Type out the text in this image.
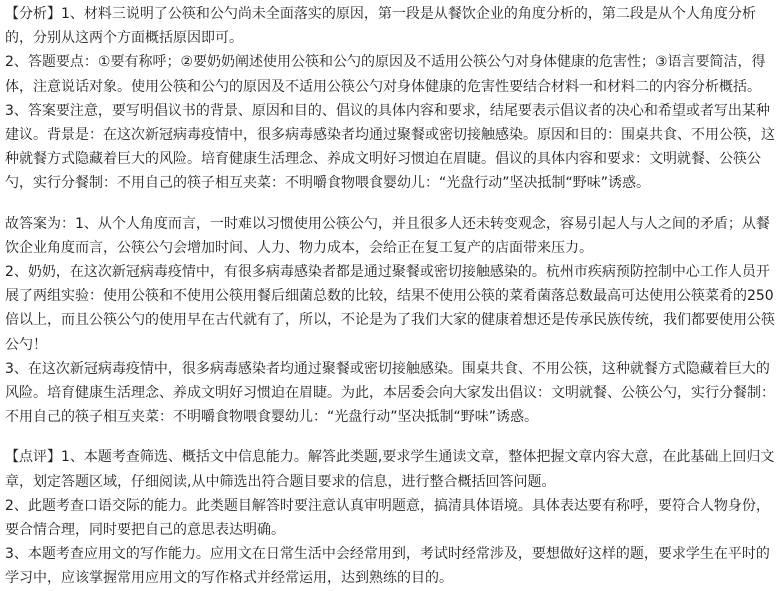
【分析】1、材料三说明了公筷和公勺尚未全面落实的原因，第一段是从餐饮企业的角度分析的，第二段是从个人角度分析的，分别从这两个方面概括原因即可。

2、答题要点：①要有称呼；②要奶奶阐述使用公筷和公勺的原因及不适用公筷公勺对身体健康的危害性；③语言要简洁，得体，注意说话对象。使用公筷和公勺的原因及不适用公筷公勺对身体健康的危害性要结合材料一和材料二的内容分析概括。

3、答案要注意，要写明倡议书的背景、原因和目的、倡议的具体内容和要求，结尾要表示倡议者的决心和希望或者写出某种建议。背景是：在这次新冠病毒疫情中，很多病毒感染者均通过聚餐或密切接触感染。原因和目的：围桌共食、不用公筷，这种就餐方式隐藏着巨大的风险。培育健康生活理念、养成文明好习惯迫在眉睫。倡议的具体内容和要求：文明就餐、公筷公勺，实行分餐制：不用自己的筷子相互夹菜：不明嚼食物喂食婴幼儿：“光盘行动”坚决抵制“野味”诱惑。

故答案为：1、从个人角度而言，一时难以习惯使用公筷公勺，并且很多人还未转变观念，容易引起人与人之间的矛盾；从餐饮企业角度而言，公筷公勺会增加时间、人力、物力成本，会给正在复工复产的店面带来压力。

2、奶奶，在这次新冠病毒疫情中，有很多病毒感染者都是通过聚餐或密切接触感染的。杭州市疾病预防控制中心工作人员开展了两组实验：使用公筷和不使用公筷用餐后细菌总数的比较，结果不使用公筷的菜肴菌落总数最高可达使用公筷菜肴的250倍以上，而且公筷公勺的使用早在古代就有了，所以，不论是为了我们大家的健康着想还是传承民族传统，我们都要使用公筷公勺！

3、在这次新冠病毒疫情中，很多病毒感染者均通过聚餐或密切接触感染。围桌共食、不用公筷，这种就餐方式隐藏着巨大的风险。培育健康生活理念、养成文明好习惯迫在眉睫。为此，本居委会向大家发出倡议：文明就餐、公筷公勺，实行分餐制：不用自己的筷子相互夹菜：不明嚼食物喂食婴幼儿：“光盘行动”坚决抵制“野味”诱惑。

【点评】1、本题考查筛选、概括文中信息能力。解答此类题,要求学生通读文章，整体把握文章内容大意，在此基础上回归文章，划定答题区域，仔细阅读,从中筛选出符合题目要求的信息，进行整合概括回答问题。

2、此题考查口语交际的能力。此类题目解答时要注意认真审明题意，搞清具体语境。具体表达要有称呼，要符合人物身份，要合情合理，同时要把自己的意思表达明确。

3、本题考查应用文的写作能力。应用文在日常生活中会经常用到，考试时经常涉及，要想做好这样的题，要求学生在平时的学习中，应该掌握常用应用文的写作格式并经常运用，达到熟练的目的。
